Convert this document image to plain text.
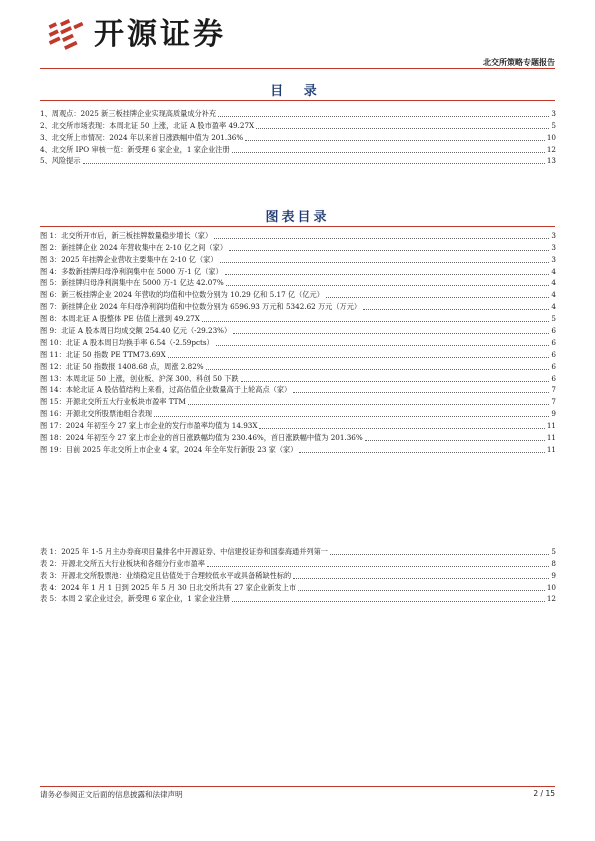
开源证券
北交所策略专题报告
目 录
1、 周观点：2025 新三板挂牌企业实现高质量成分补充	3
2、 北交所市场表现：本周北证 50 上涨，北证 A 股市盈率 49.27X	5
3、 北交所上市情况：2024 年以来首日涨跌幅中值为 201.36%	10
4、 北交所 IPO 审核一览：新受理 6 家企业，1 家企业注册	12
5、 风险提示	13
图表目录
图 1： 北交所开市后，新三板挂牌数量稳步增长（家）	3
图 2： 新挂牌企业 2024 年营收集中在 2-10 亿之间（家）	3
图 3： 2025 年挂牌企业营收主要集中在 2-10 亿（家）	3
图 4： 多数新挂牌归母净利润集中在 5000 万-1 亿（家）	4
图 5： 新挂牌归母净利润集中在 5000 万-1 亿达 42.07%	4
图 6： 新三板挂牌企业 2024 年营收的均值和中位数分别为 10.29 亿和 5.17 亿（亿元）	4
图 7： 新挂牌企业 2024 年归母净利润均值和中位数分别为 6596.93 万元和 5342.62 万元（万元）	4
图 8： 本周北证 A 股整体 PE 估值上涨到 49.27X	5
图 9： 北证 A 股本周日均成交额 254.40 亿元（-29.23%）	6
图 10： 北证 A 股本周日均换手率 6.54（-2.59pcts）	6
图 11： 北证 50 指数 PE TTM73.69X	6
图 12： 北证 50 指数报 1408.68 点，周涨 2.82%	6
图 13： 本周北证 50 上涨，创业板、沪深 300、科创 50 下跌	6
图 14： 本轮北证 A 股估值结构上来看，过高估值企业数量高于上轮高点（家）	7
图 15： 开源北交所五大行业板块市盈率 TTM	7
图 16： 开源北交所股票池组合表现	9
图 17： 2024 年初至今 27 家上市企业的发行市盈率均值为 14.93X	11
图 18： 2024 年初至今 27 家上市企业的首日涨跌幅均值为 230.46%，首日涨跌幅中值为 201.36%	11
图 19： 目前 2025 年北交所上市企业 4 家，2024 年全年发行新股 23 家（家）	11
表 1： 2025 年 1-5 月主办券商项目量排名中开源证券、中信建投证券和国泰海通并列第一	5
表 2： 开源北交所五大行业板块和各细分行业市盈率	8
表 3： 开源北交所股票池：业绩稳定且估值处于合理较低水平或具备稀缺性标的	9
表 4： 2024 年 1 月 1 日到 2025 年 5 月 30 日北交所共有 27 家企业新发上市	10
表 5： 本周 2 家企业过会，新受理 6 家企业，1 家企业注册	12
请务必参阅正文后面的信息披露和法律声明	2 / 15
